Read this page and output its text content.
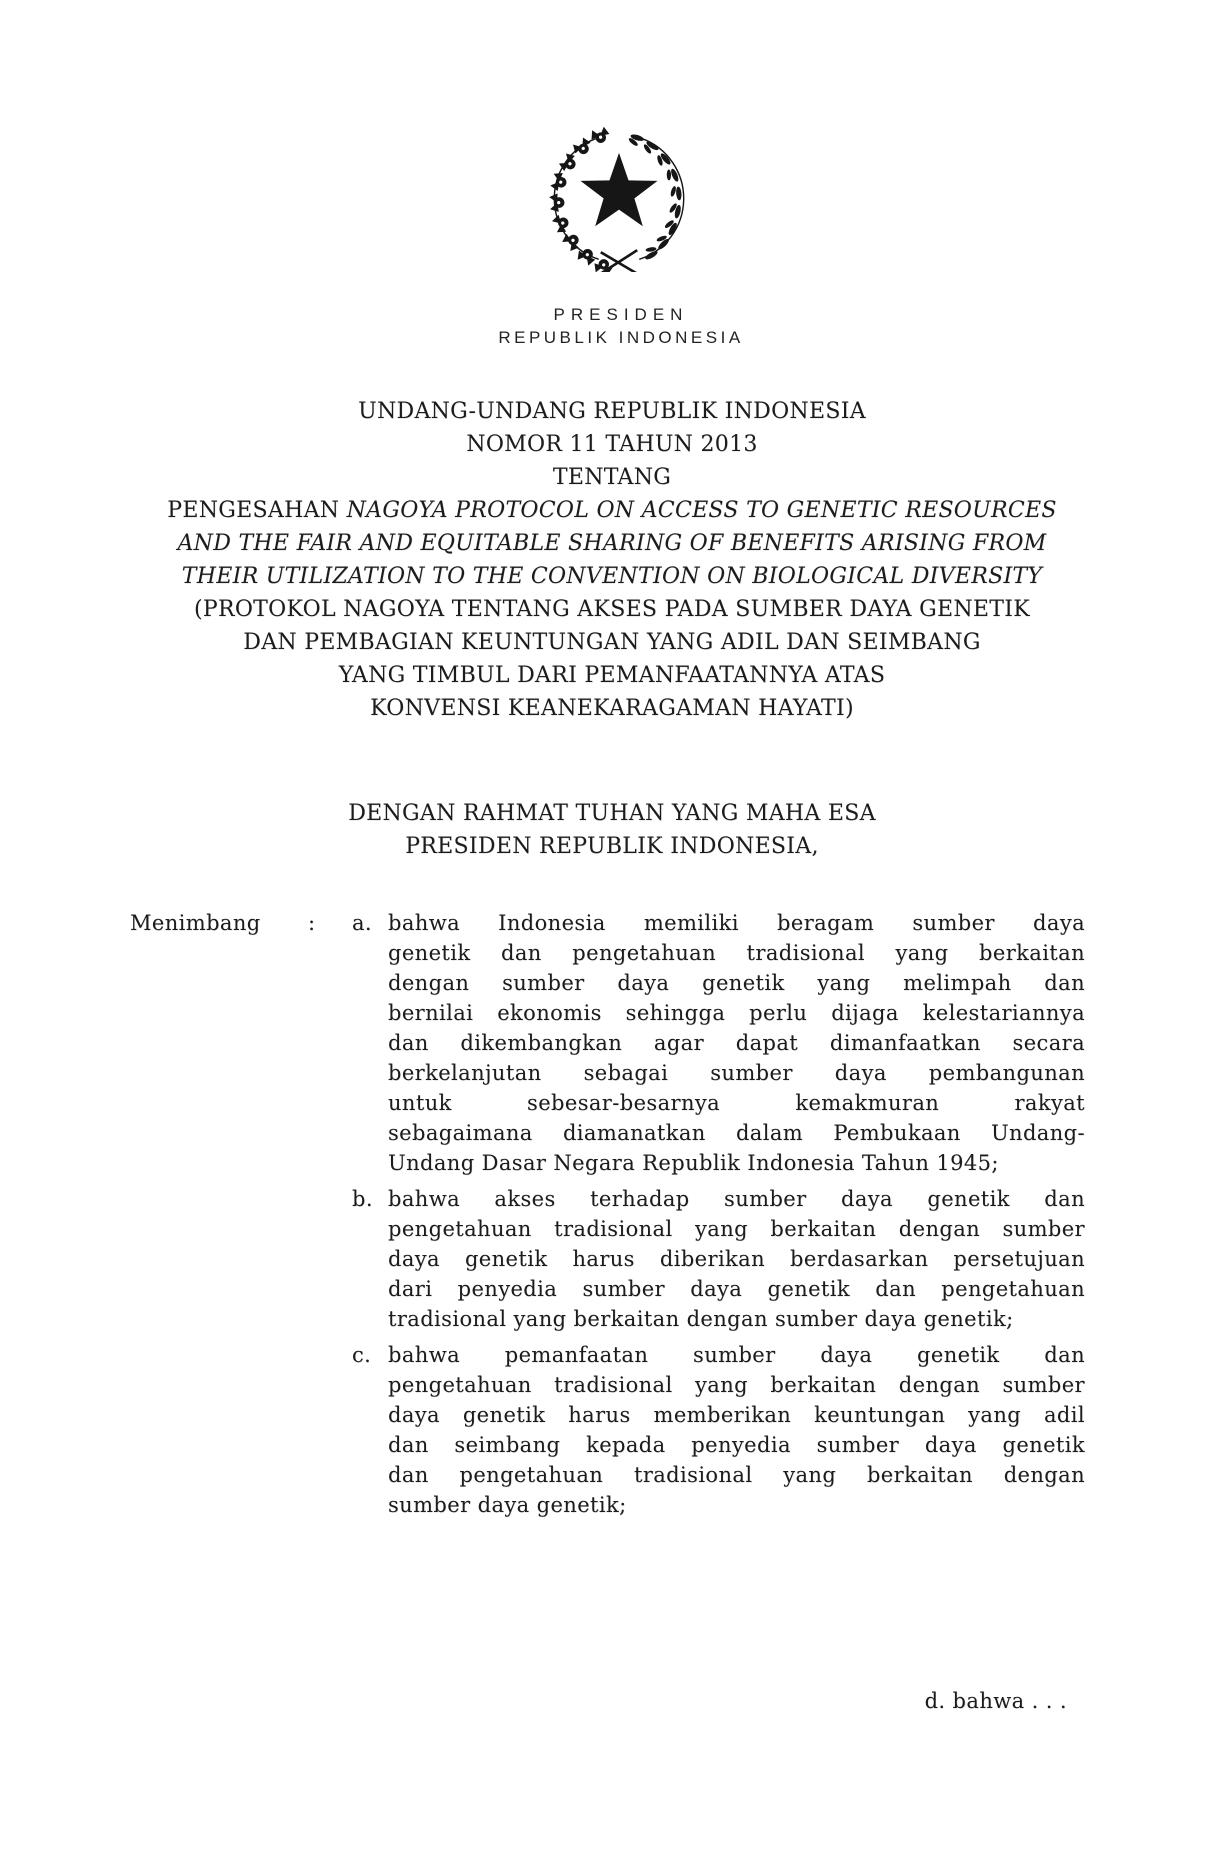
PRESIDEN
REPUBLIK INDONESIA
UNDANG-UNDANG REPUBLIK INDONESIA
NOMOR 11 TAHUN 2013
TENTANG
PENGESAHAN NAGOYA PROTOCOL ON ACCESS TO GENETIC RESOURCES
AND THE FAIR AND EQUITABLE SHARING OF BENEFITS ARISING FROM
THEIR UTILIZATION TO THE CONVENTION ON BIOLOGICAL DIVERSITY
(PROTOKOL NAGOYA TENTANG AKSES PADA SUMBER DAYA GENETIK
DAN PEMBAGIAN KEUNTUNGAN YANG ADIL DAN SEIMBANG
YANG TIMBUL DARI PEMANFAATANNYA ATAS
KONVENSI KEANEKARAGAMAN HAYATI)
DENGAN RAHMAT TUHAN YANG MAHA ESA
PRESIDEN REPUBLIK INDONESIA,
Menimbang	:	a. bahwa Indonesia memiliki beragam sumber daya
genetik dan pengetahuan tradisional yang berkaitan
dengan sumber daya genetik yang melimpah dan
bernilai ekonomis sehingga perlu dijaga kelestariannya
dan dikembangkan agar dapat dimanfaatkan secara
berkelanjutan sebagai sumber daya pembangunan
untuk sebesar-besarnya kemakmuran rakyat
sebagaimana diamanatkan dalam Pembukaan Undang-
Undang Dasar Negara Republik Indonesia Tahun 1945;
b. bahwa akses terhadap sumber daya genetik dan
pengetahuan tradisional yang berkaitan dengan sumber
daya genetik harus diberikan berdasarkan persetujuan
dari penyedia sumber daya genetik dan pengetahuan
tradisional yang berkaitan dengan sumber daya genetik;
c. bahwa pemanfaatan sumber daya genetik dan
pengetahuan tradisional yang berkaitan dengan sumber
daya genetik harus memberikan keuntungan yang adil
dan seimbang kepada penyedia sumber daya genetik
dan pengetahuan tradisional yang berkaitan dengan
sumber daya genetik;
d. bahwa . . .
